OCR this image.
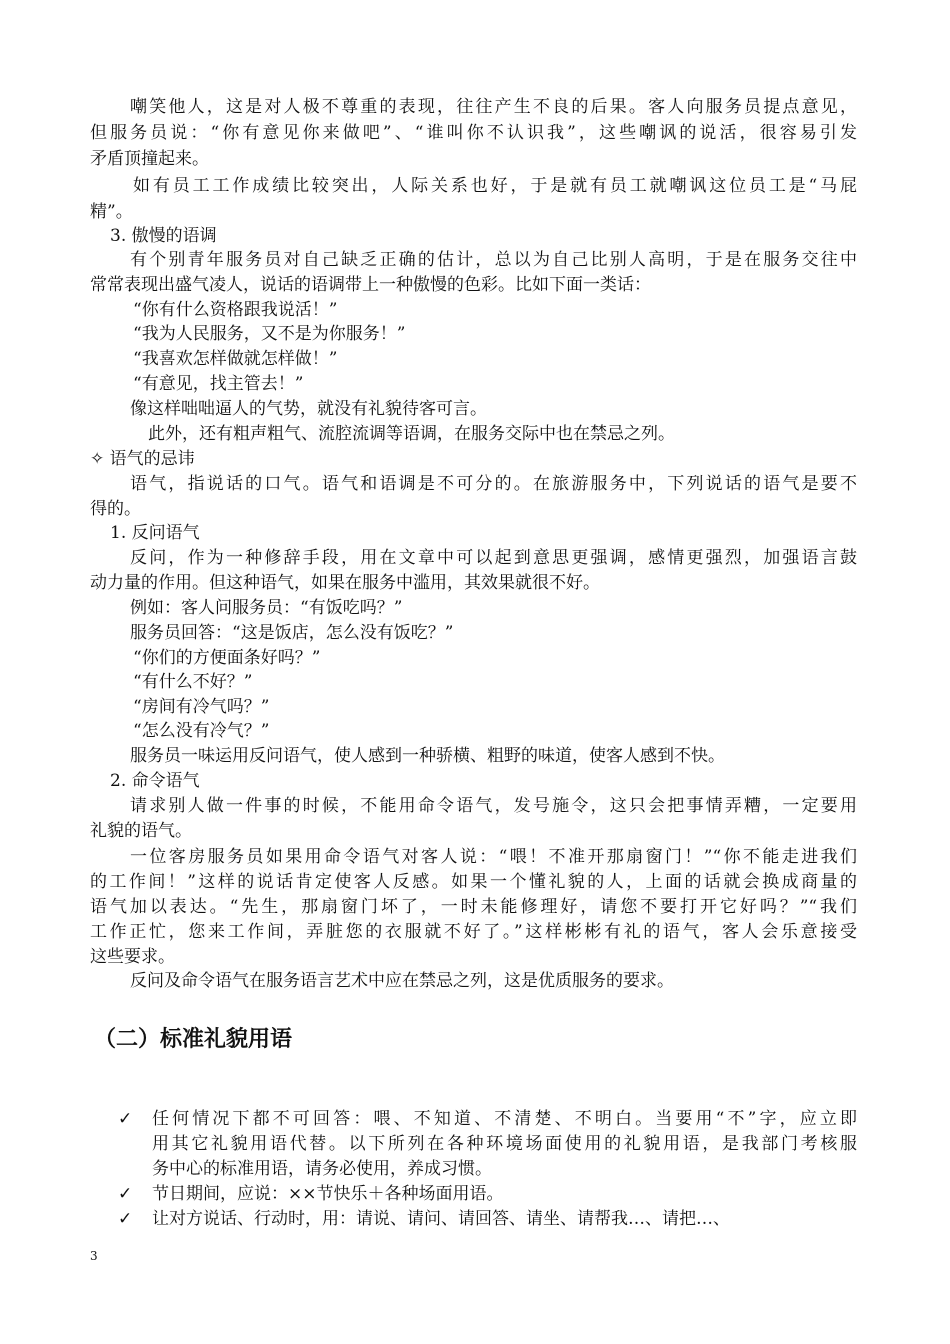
嘲笑他人，这是对人极不尊重的表现，往往产生不良的后果。客人向服务员提点意见，
但服务员说：“你有意见你来做吧”、“谁叫你不认识我”，这些嘲讽的说活，很容易引发
矛盾顶撞起来。
如有员工工作成绩比较突出，人际关系也好，于是就有员工就嘲讽这位员工是“马屁
精”。
3. 傲慢的语调
有个别青年服务员对自己缺乏正确的估计，总以为自己比别人高明，于是在服务交往中
常常表现出盛气凌人，说话的语调带上一种傲慢的色彩。比如下面一类话：
“你有什么资格跟我说活！”
“我为人民服务，又不是为你服务！”
“我喜欢怎样做就怎样做！”
“有意见，找主管去！”
像这样咄咄逼人的气势，就没有礼貌待客可言。
此外，还有粗声粗气、流腔流调等语调，在服务交际中也在禁忌之列。
✧ 语气的忌讳
语气，指说话的口气。语气和语调是不可分的。在旅游服务中，下列说话的语气是要不
得的。
1. 反问语气
反问，作为一种修辞手段，用在文章中可以起到意思更强调，感情更强烈，加强语言鼓
动力量的作用。但这种语气，如果在服务中滥用，其效果就很不好。
例如：客人问服务员：“有饭吃吗？”
服务员回答：“这是饭店，怎么没有饭吃？”
“你们的方便面条好吗？”
“有什么不好？”
“房间有冷气吗？”
“怎么没有冷气？”
服务员一味运用反问语气，使人感到一种骄横、粗野的味道，使客人感到不快。
2. 命令语气
请求别人做一件事的时候，不能用命令语气，发号施令，这只会把事情弄糟，一定要用
礼貌的语气。
一位客房服务员如果用命令语气对客人说：“喂！不准开那扇窗门！”“你不能走进我们
的工作间！”这样的说话肯定使客人反感。如果一个懂礼貌的人，上面的话就会换成商量的
语气加以表达。“先生，那扇窗门坏了，一时未能修理好，请您不要打开它好吗？”“我们
工作正忙，您来工作间，弄脏您的衣服就不好了。”这样彬彬有礼的语气，客人会乐意接受
这些要求。
反问及命令语气在服务语言艺术中应在禁忌之列，这是优质服务的要求。
（二）标准礼貌用语
✓ 任何情况下都不可回答：喂、不知道、不清楚、不明白。当要用“不”字，应立即
用其它礼貌用语代替。以下所列在各种环境场面使用的礼貌用语，是我部门考核服
务中心的标准用语，请务必使用，养成习惯。
✓ 节日期间，应说：××节快乐＋各种场面用语。
✓ 让对方说话、行动时，用：请说、请问、请回答、请坐、请帮我…、请把…、
3
